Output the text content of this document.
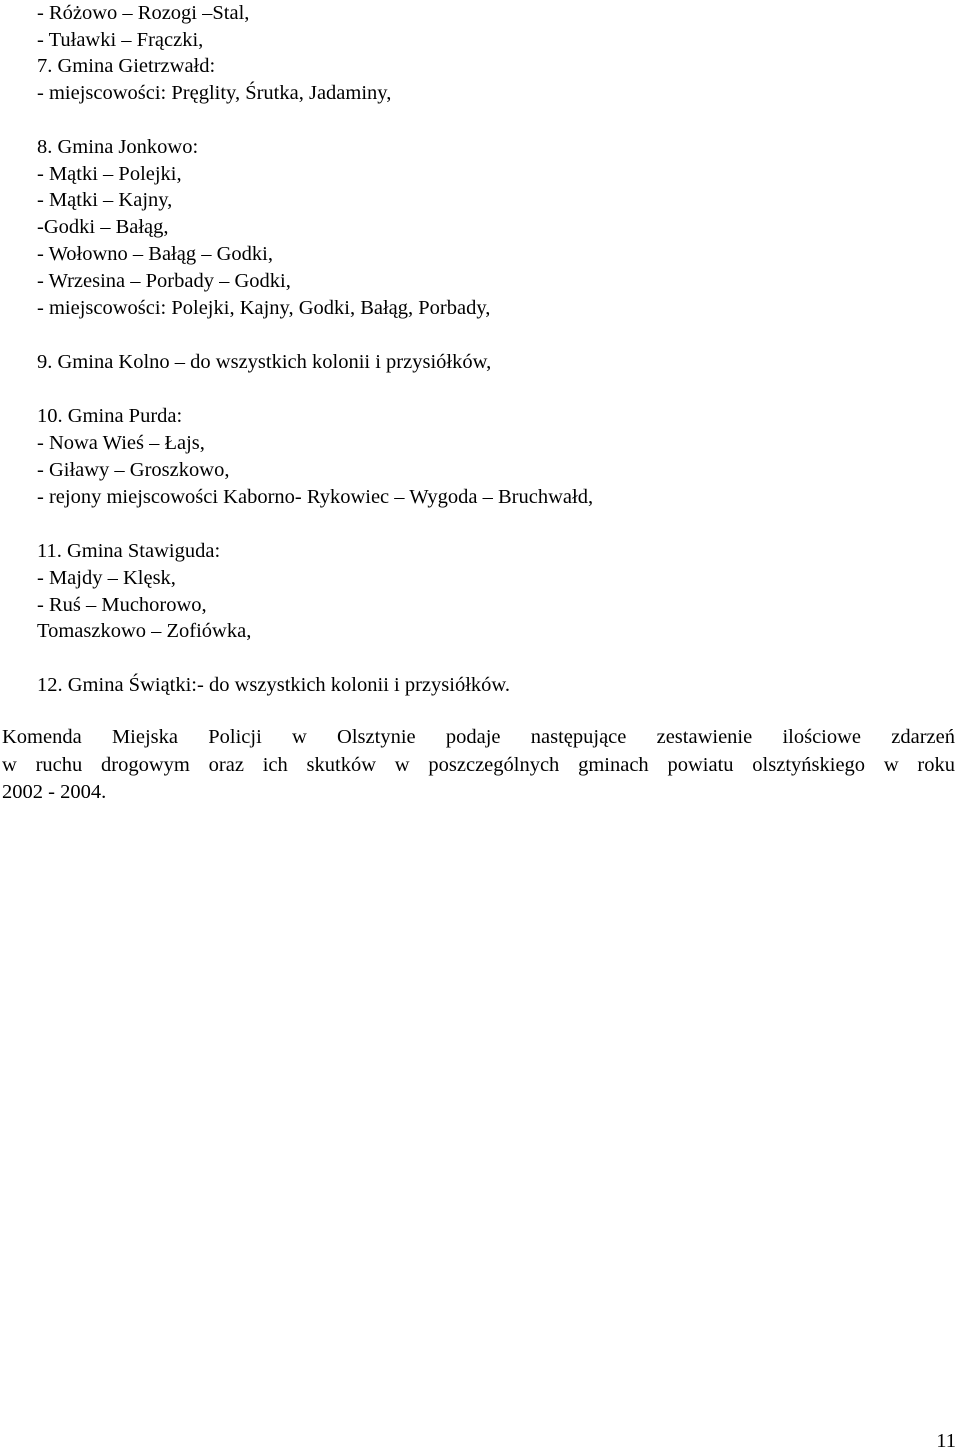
- Różowo – Rozogi –Stal,
- Tuławki – Frączki,
7. Gmina Gietrzwałd:
- miejscowości: Pręglity, Śrutka, Jadaminy,
8. Gmina Jonkowo:
- Mątki – Polejki,
- Mątki – Kajny,
-Godki – Bałąg,
- Wołowno – Bałąg – Godki,
- Wrzesina – Porbady – Godki,
- miejscowości: Polejki, Kajny, Godki, Bałąg, Porbady,
9. Gmina Kolno – do wszystkich kolonii i przysiółków,
10. Gmina Purda:
- Nowa Wieś – Łajs,
- Giławy – Groszkowo,
- rejony miejscowości Kaborno- Rykowiec – Wygoda – Bruchwałd,
11. Gmina Stawiguda:
- Majdy – Klęsk,
- Ruś – Muchorowo,
Tomaszkowo – Zofiówka,
12. Gmina Świątki:- do wszystkich kolonii i przysiółków.
Komenda Miejska Policji w Olsztynie podaje następujące zestawienie ilościowe zdarzeń
w ruchu drogowym oraz ich skutków w poszczególnych gminach powiatu olsztyńskiego w roku
2002 - 2004.
11
